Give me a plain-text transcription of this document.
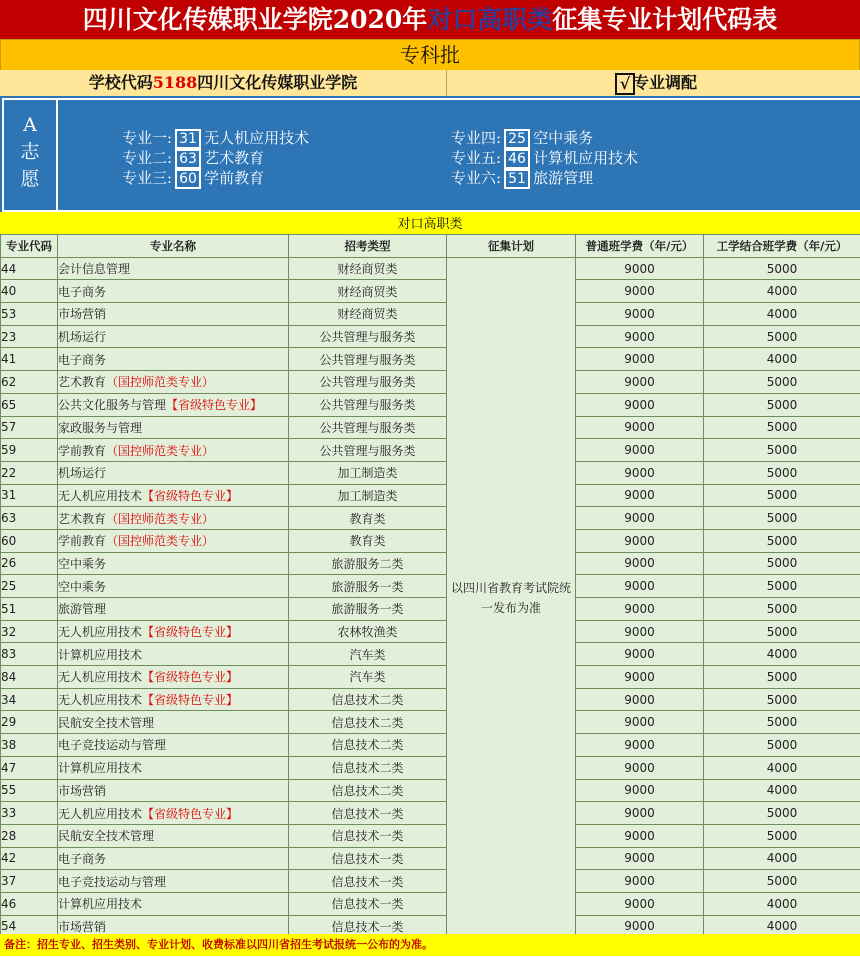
四川文化传媒职业学院2020年对口高职类征集专业计划代码表
专科批
学校代码5188四川文化传媒职业学院	√ 专业调配
A
志
愿
专业一: 31 无人机应用技术
专业二: 63 艺术教育
专业三: 60 学前教育
专业四: 25 空中乘务
专业五: 46 计算机应用技术
专业六: 51 旅游管理
对口高职类
专业代码	专业名称	招考类型	征集计划	普通班学费（年/元）	工学结合班学费（年/元）
44	会计信息管理	财经商贸类	以四川省教育考试院统一发布为准	9000	5000
40	电子商务	财经商贸类		9000	4000
53	市场营销	财经商贸类		9000	4000
23	机场运行	公共管理与服务类		9000	5000
41	电子商务	公共管理与服务类		9000	4000
62	艺术教育（国控师范类专业）	公共管理与服务类		9000	5000
65	公共文化服务与管理【省级特色专业】	公共管理与服务类		9000	5000
57	家政服务与管理	公共管理与服务类		9000	5000
59	学前教育（国控师范类专业）	公共管理与服务类		9000	5000
22	机场运行	加工制造类		9000	5000
31	无人机应用技术【省级特色专业】	加工制造类		9000	5000
63	艺术教育（国控师范类专业）	教育类		9000	5000
60	学前教育（国控师范类专业）	教育类		9000	5000
26	空中乘务	旅游服务二类		9000	5000
25	空中乘务	旅游服务一类		9000	5000
51	旅游管理	旅游服务一类		9000	5000
32	无人机应用技术【省级特色专业】	农林牧渔类		9000	5000
83	计算机应用技术	汽车类		9000	4000
84	无人机应用技术【省级特色专业】	汽车类		9000	5000
34	无人机应用技术【省级特色专业】	信息技术二类		9000	5000
29	民航安全技术管理	信息技术二类		9000	5000
38	电子竞技运动与管理	信息技术二类		9000	5000
47	计算机应用技术	信息技术二类		9000	4000
55	市场营销	信息技术二类		9000	4000
33	无人机应用技术【省级特色专业】	信息技术一类		9000	5000
28	民航安全技术管理	信息技术一类		9000	5000
42	电子商务	信息技术一类		9000	4000
37	电子竞技运动与管理	信息技术一类		9000	5000
46	计算机应用技术	信息技术一类		9000	4000
54	市场营销	信息技术一类		9000	4000
备注：招生专业、招生类别、专业计划、收费标准以四川省招生考试报统一公布的为准。
